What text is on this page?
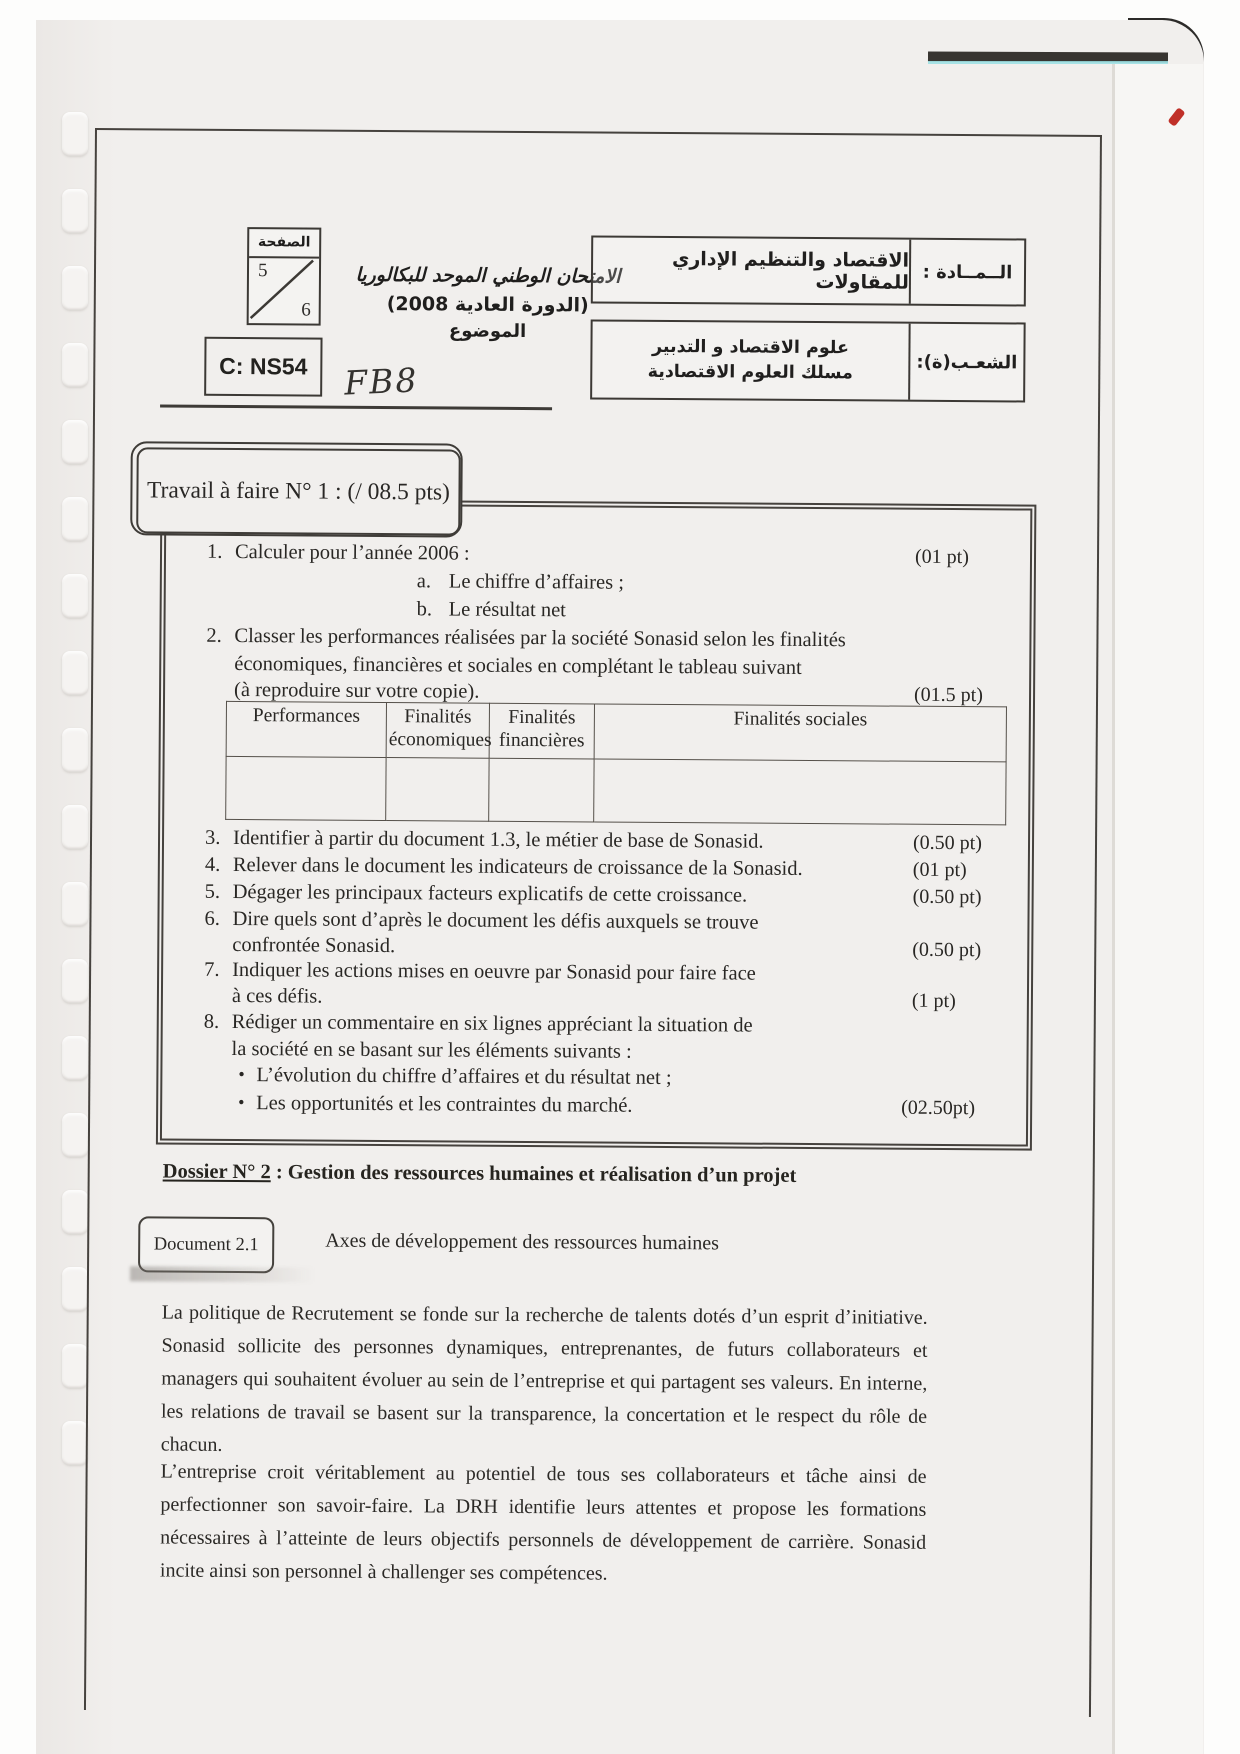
الصفحة
5
6
C: NS54	FB8
الامتحان الوطني الموحد للبكالوريا
(الدورة العادية 2008)
الموضوع
الاقتصاد والتنظيم الإداري للمقاولات الــمــادة :
علوم الاقتصاد و التدبير
مسلك العلوم الاقتصادية	الشعـب(ة):
Travail à faire N° 1 : (/ 08.5 pts)
1. Calculer pour l’année 2006 :
a. Le chiffre d’affaires ;
b. Le résultat net
2. Classer les performances réalisées par la société Sonasid selon les finalités
économiques, financières et sociales en complétant le tableau suivant
(à reproduire sur votre copie).
Performances	Finalités économiques	Finalités financières	Finalités sociales

3. Identifier à partir du document 1.3, le métier de base de Sonasid.
4. Relever dans le document les indicateurs de croissance de la Sonasid.
5. Dégager les principaux facteurs explicatifs de cette croissance.
6. Dire quels sont d’après le document les défis auxquels se trouve
confrontée Sonasid.
7. Indiquer les actions mises en oeuvre par Sonasid pour faire face
à ces défis.
8. Rédiger un commentaire en six lignes appréciant la situation de
la société en se basant sur les éléments suivants :
•
L’évolution du chiffre d’affaires et du résultat net ;
•
Les opportunités et les contraintes du marché.
(01 pt)
(01.5 pt)
(0.50 pt)
(01 pt)
(0.50 pt)
(0.50 pt)
(1 pt)
(02.50pt)
Dossier N° 2 : Gestion des ressources humaines et réalisation d’un projet
Document 2.1	Axes de développement des ressources humaines
La politique de Recrutement se fonde sur la recherche de talents dotés d’un esprit d’initiative. Sonasid sollicite des personnes dynamiques, entreprenantes, de futurs collaborateurs et managers qui souhaitent évoluer au sein de l’entreprise et qui partagent ses valeurs. En interne, les relations de travail se basent sur la transparence, la concertation et le respect du rôle de chacun.
L’entreprise croit véritablement au potentiel de tous ses collaborateurs et tâche ainsi de perfectionner son savoir-faire. La DRH identifie leurs attentes et propose les formations nécessaires à l’atteinte de leurs objectifs personnels de développement de carrière. Sonasid incite ainsi son personnel à challenger ses compétences.
